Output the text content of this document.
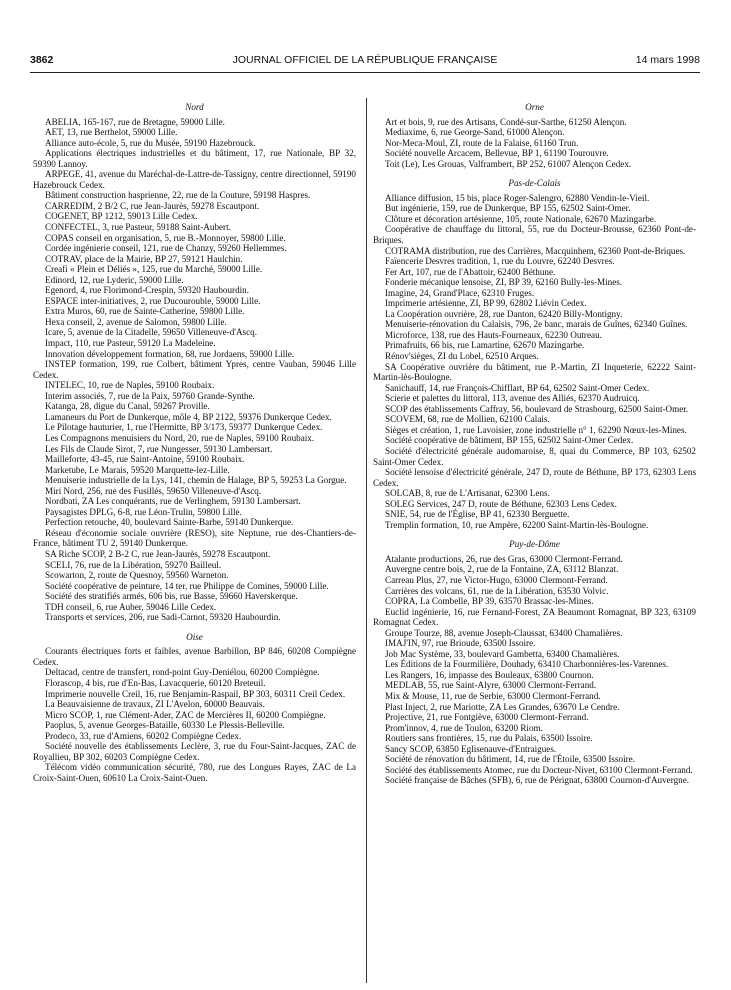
3862	JOURNAL OFFICIEL DE LA RÉPUBLIQUE FRANÇAISE	14 mars 1998
Nord

ABELIA, 165-167, rue de Bretagne, 59000 Lille.

AET, 13, rue Berthelot, 59000 Lille.

Alliance auto-école, 5, rue du Musée, 59190 Hazebrouck.

Applications électriques industrielles et du bâtiment, 17, rue Nationale, BP 32, 59390 Lannoy.

ARPEGE, 41, avenue du Maréchal-de-Lattre-de-Tassigny, centre directionnel, 59190 Hazebrouck Cedex.

Bâtiment construction hasprienne, 22, rue de la Couture, 59198 Haspres.

CARREDIM, 2 B/2 C, rue Jean-Jaurès, 59278 Escautpont.

COGENET, BP 1212, 59013 Lille Cedex.

CONFECTEL, 3, rue Pasteur, 59188 Saint-Aubert.

COPAS conseil en organisation, 5, rue B.-Monnoyer, 59800 Lille.

Cordée ingénierie conseil, 121, rue de Chanzy, 59260 Hellemmes.

COTRAV, place de la Mairie, BP 27, 59121 Haulchin.

Creafi « Plein et Déliés », 125, rue du Marché, 59000 Lille.

Edinord, 12, rue Lyderic, 59000 Lille.

Egenord, 4, rue Florimond-Crespin, 59320 Haubourdin.

ESPACE inter-initiatives, 2, rue Ducourouble, 59000 Lille.

Extra Muros, 60, rue de Sainte-Catherine, 59800 Lille.

Hexa conseil, 2, avenue de Salomon, 59800 Lille.

Icare, 5, avenue de la Citadelle, 59650 Villeneuve-d'Ascq.

Impact, 110, rue Pasteur, 59120 La Madeleine.

Innovation développement formation, 68, rue Jordaens, 59000 Lille.

INSTEP formation, 199, rue Colbert, bâtiment Ypres, centre Vauban, 59046 Lille Cedex.

INTELEC, 10, rue de Naples, 59100 Roubaix.

Interim associés, 7, rue de la Paix, 59760 Grande-Synthe.

Katanga, 28, digue du Canal, 59267 Proville.

Lamaneurs du Port de Dunkerque, môle 4, BP 2122, 59376 Dunkerque Cedex.

Le Pilotage hauturier, 1, rue l'Hermitte, BP 3/173, 59377 Dunkerque Cedex.

Les Compagnons menuisiers du Nord, 20, rue de Naples, 59100 Roubaix.

Les Fils de Claude Sirot, 7, rue Nungesser, 59130 Lambersart.

Mailleforte, 43-45, rue Saint-Antoine, 59100 Roubaix.

Marketube, Le Marais, 59520 Marquette-lez-Lille.

Menuiserie industrielle de la Lys, 141, chemin de Halage, BP 5, 59253 La Gorgue.

Miri Nord, 256, rue des Fusillés, 59650 Villeneuve-d'Ascq.

Nordbati, ZA Les conquérants, rue de Verlinghem, 59130 Lambersart.

Paysagistes DPLG, 6-8, rue Léon-Trulin, 59800 Lille.

Perfection retouche, 40, boulevard Sainte-Barbe, 59140 Dunkerque.

Réseau d'économie sociale ouvrière (RESO), site Neptune, rue des-Chantiers-de-France, bâtiment TU 2, 59140 Dunkerque.

SA Riche SCOP, 2 B-2 C, rue Jean-Jaurès, 59278 Escautpont.

SCELI, 76, rue de la Libération, 59270 Bailleul.

Scowarton, 2, route de Quesnoy, 59560 Warneton.

Société coopérative de peinture, 14 ter, rue Philippe de Comines, 59000 Lille.

Société des stratifiés armés, 606 bis, rue Basse, 59660 Haverskerque.

TDH conseil, 6, rue Auber, 59046 Lille Cedex.

Transports et services, 206, rue Sadi-Carnot, 59320 Haubourdin.

Oise

Courants électriques forts et faibles, avenue Barbillon, BP 846, 60208 Compiègne Cedex.

Deltacad, centre de transfert, rond-point Guy-Deniélou, 60200 Compiègne.

Florascop, 4 bis, rue d'En-Bas, Lavacquerie, 60120 Breteuil.

Imprimerie nouvelle Creil, 16, rue Benjamin-Raspail, BP 303, 60311 Creil Cedex.

La Beauvaisienne de travaux, ZI L'Avelon, 60000 Beauvais.

Micro SCOP, 1, rue Clément-Ader, ZAC de Mercières II, 60200 Compiègne.

Paoplus, 5, avenue Georges-Bataille, 60330 Le Plessis-Belleville.

Prodeco, 33, rue d'Amiens, 60202 Compiègne Cedex.

Société nouvelle des établissements Leclère, 3, rue du Four-Saint-Jacques, ZAC de Royallieu, BP 302, 60203 Compiègne Cedex.

Télécom vidéo communication sécurité, 780, rue des Longues Rayes, ZAC de La Croix-Saint-Ouen, 60610 La Croix-Saint-Ouen.

Orne

Art et bois, 9, rue des Artisans, Condé-sur-Sarthe, 61250 Alençon.

Mediaxime, 6, rue George-Sand, 61000 Alençon.

Nor-Meca-Moul, ZI, route de la Falaise, 61160 Trun.

Société nouvelle Arcacem, Bellevue, BP 1, 61190 Tourouvre.

Toit (Le), Les Grouas, Valframbert, BP 252, 61007 Alençon Cedex.

Pas-de-Calais

Alliance diffusion, 15 bis, place Roger-Salengro, 62880 Vendin-le-Vieil.

But ingénierie, 159, rue de Dunkerque, BP 155, 62502 Saint-Omer.

Clôture et décoration artésienne, 105, route Nationale, 62670 Mazingarbe.

Coopérative de chauffage du littoral, 55, rue du Docteur-Brousse, 62360 Pont-de-Briques.

COTRAMA distribution, rue des Carrières, Macquinhem, 62360 Pont-de-Briques.

Faïencerie Desvres tradition, 1, rue du Louvre, 62240 Desvres.

Fer Art, 107, rue de l'Abattoir, 62400 Béthune.

Fonderie mécanique lensoise, ZI, BP 39, 62160 Bully-les-Mines.

Imagine, 24, Grand'Place, 62310 Fruges.

Imprimerie artésienne, ZI, BP 99, 62802 Liévin Cedex.

La Coopération ouvrière, 28, rue Danton, 62420 Billy-Montigny.

Menuiserie-rénovation du Calaisis, 796, 2e banc, marais de Guînes, 62340 Guînes.

Microforce, 138, rue des Hauts-Fourneaux, 62230 Outreau.

Primafruits, 66 bis, rue Lamartine, 62670 Mazingarbe.

Rénov'sièges, ZI du Lobel, 62510 Arques.

SA Coopérative ouvrière du bâtiment, rue P.-Martin, ZI Inqueterie, 62222 Saint-Martin-lès-Boulogne.

Sanichauff, 14, rue François-Chifflart, BP 64, 62502 Saint-Omer Cedex.

Scierie et palettes du littoral, 113, avenue des Alliés, 62370 Audruicq.

SCOP des établissements Caffray, 56, boulevard de Strasbourg, 62500 Saint-Omer.

SCOVEM, 68, rue de Mollien, 62100 Calais.

Sièges et création, 1, rue Lavoisier, zone industrielle n° 1, 62290 Nœux-les-Mines.

Société coopérative de bâtiment, BP 155, 62502 Saint-Omer Cedex.

Société d'électricité générale audomaroise, 8, quai du Commerce, BP 103, 62502 Saint-Omer Cedex.

Société lensoise d'électricité générale, 247 D, route de Béthune, BP 173, 62303 Lens Cedex.

SOLCAB, 8, rue de L'Artisanat, 62300 Lens.

SOLEG Services, 247 D, route de Béthune, 62303 Lens Cedex.

SNIE, 54, rue de l'Église, BP 41, 62330 Berguette.

Tremplin formation, 10, rue Ampère, 62200 Saint-Martin-lès-Boulogne.

Puy-de-Dôme

Atalante productions, 26, rue des Gras, 63000 Clermont-Ferrand.

Auvergne centre bois, 2, rue de la Fontaine, ZA, 63112 Blanzat.

Carreau Plus, 27, rue Victor-Hugo, 63000 Clermont-Ferrand.

Carrières des volcans, 61, rue de la Libération, 63530 Volvic.

COPRA, La Combelle, BP 39, 63570 Brassac-les-Mines.

Euclid ingénierie, 16, rue Fernand-Forest, ZA Beaumont Romagnat, BP 323, 63109 Romagnat Cedex.

Groupe Tourze, 88, avenue Joseph-Claussat, 63400 Chamalières.

IMAJ'IN, 97, rue Brioude, 63500 Issoire.

Job Mac Système, 33, boulevard Gambetta, 63400 Chamalières.

Les Éditions de la Fourmilière, Douhady, 63410 Charbonnières-les-Varennes.

Les Rangers, 16, impasse des Bouleaux, 63800 Cournon.

MEDLAB, 55, rue Saint-Alyre, 63000 Clermont-Ferrand.

Mix & Mouse, 11, rue de Serbie, 63000 Clermont-Ferrand.

Plast Inject, 2, rue Mariotte, ZA Les Grandes, 63670 Le Cendre.

Projective, 21, rue Fontgiève, 63000 Clermont-Ferrand.

Prom'innov, 4, rue de Toulon, 63200 Riom.

Routiers sans frontières, 15, rue du Palais, 63500 Issoire.

Sancy SCOP, 63850 Eglisenauve-d'Entraigues.

Société de rénovation du bâtiment, 14, rue de l'Étoile, 63500 Issoire.

Société des établissements Atomec, rue du Docteur-Nivet, 63100 Clermont-Ferrand.

Société française de Bâches (SFB), 6, rue de Pérignat, 63800 Cournon-d'Auvergne.
